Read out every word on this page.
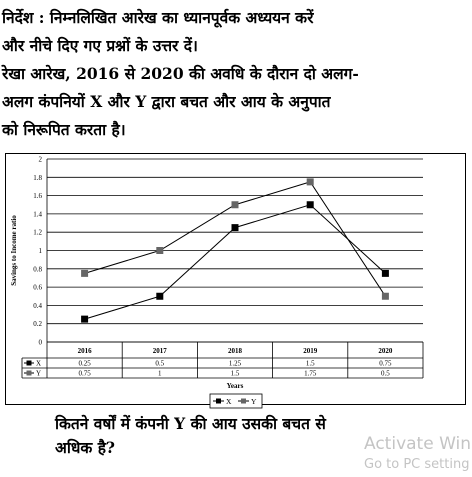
निर्देश : निम्नलिखित आरेख का ध्यानपूर्वक अध्ययन करें

और नीचे दिए गए प्रश्नों के उत्तर दें।

रेखा आरेख, 2016 से 2020 की अवधि के दौरान दो अलग-

अलग कंपनियों X और Y द्वारा बचत और आय के अनुपात

को निरूपित करता है।

0
0.2
0.4
0.6
0.8
1
1.2
1.4
1.6
1.8
2
Savings to Income ratio
2016	2017	2018	2019	2020
X	0.25	0.5	1.25	1.5	0.75
Y	0.75	1	1.5	1.75	0.5
Years
X	Y
कितने वर्षों में कंपनी Y की आय उसकी बचत से
अधिक है?	Activate Win
Go to PC setting
